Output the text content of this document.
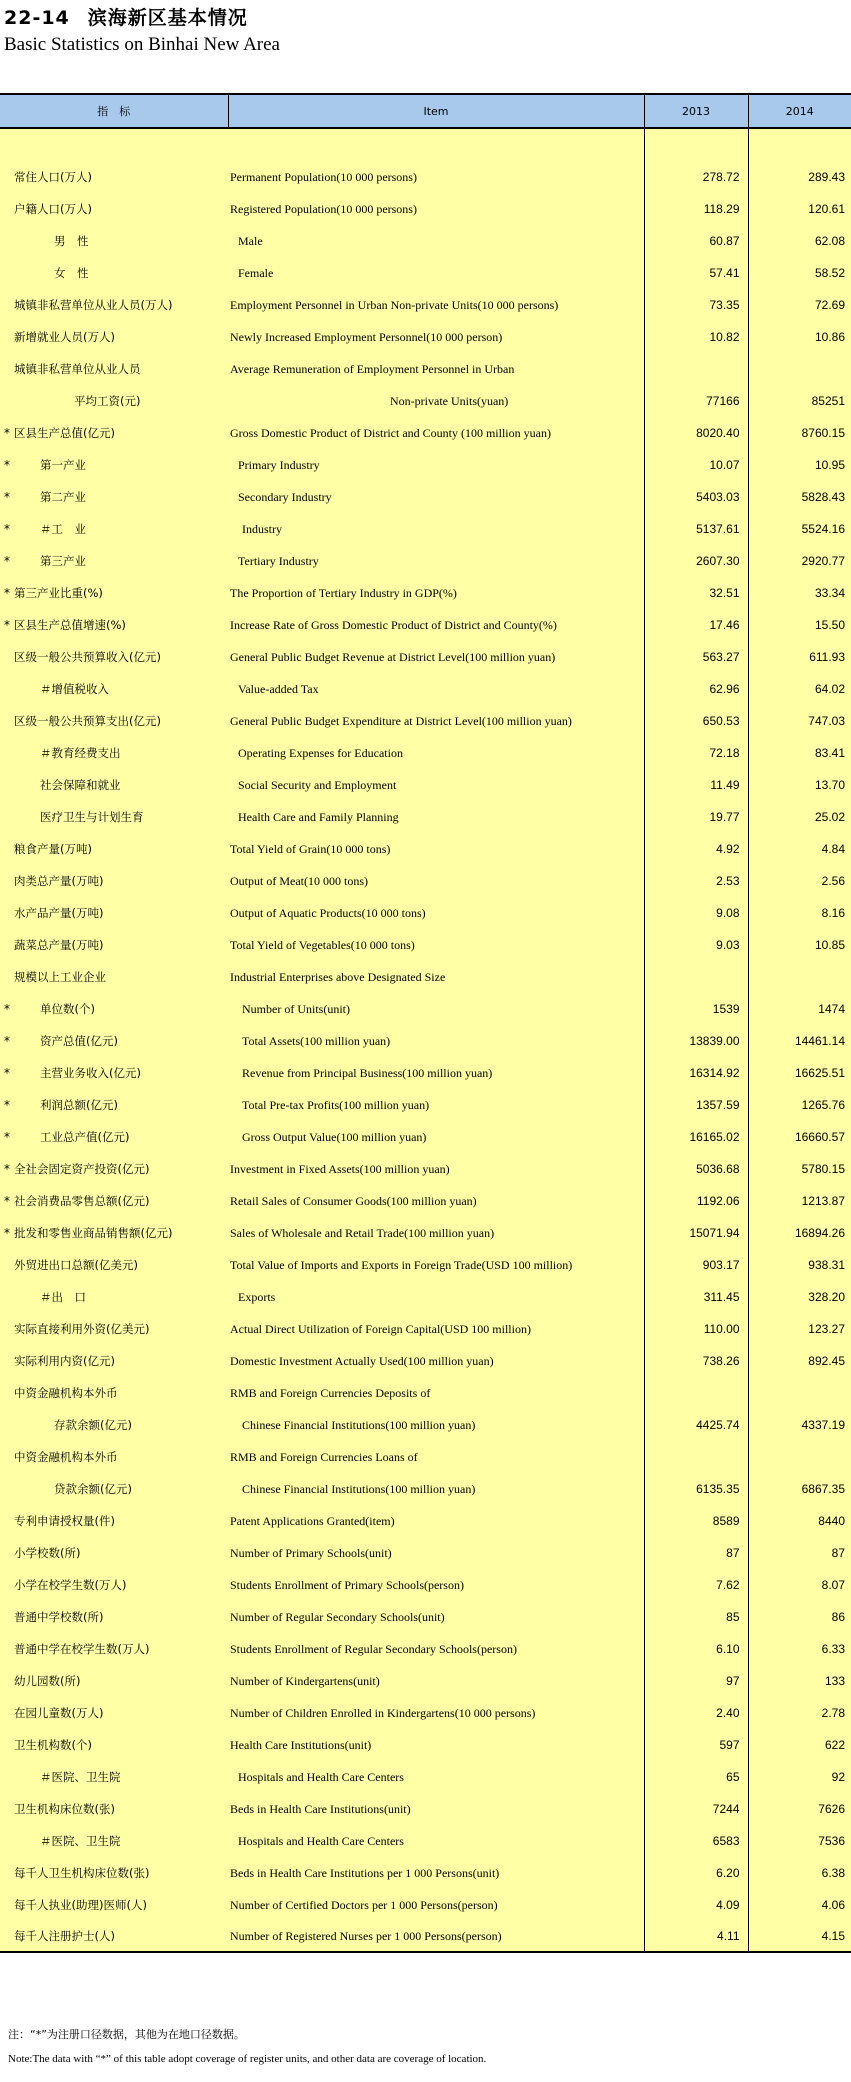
22-14 滨海新区基本情况
Basic Statistics on Binhai New Area
指　标	Item	2013	2014

常住人口(万人)	Permanent Population(10 000 persons)	278.72	289.43
户籍人口(万人)	Registered Population(10 000 persons)	118.29	120.61
男　性	Male	60.87	62.08
女　性	Female	57.41	58.52
城镇非私营单位从业人员(万人)	Employment Personnel in Urban Non-private Units(10 000 persons)	73.35	72.69
新增就业人员(万人)	Newly Increased Employment Personnel(10 000 person)	10.82	10.86
城镇非私营单位从业人员	Average Remuneration of Employment Personnel in Urban		
平均工资(元)	Non-private Units(yuan)	77166	85251
* 区县生产总值(亿元)	Gross Domestic Product of District and County (100 million yuan)	8020.40	8760.15
* 第一产业	Primary Industry	10.07	10.95
* 第二产业	Secondary Industry	5403.03	5828.43
* ＃工　业	Industry	5137.61	5524.16
* 第三产业	Tertiary Industry	2607.30	2920.77
* 第三产业比重(%)	The Proportion of Tertiary Industry in GDP(%)	32.51	33.34
* 区县生产总值增速(%)	Increase Rate of Gross Domestic Product of District and County(%)	17.46	15.50
区级一般公共预算收入(亿元)	General Public Budget Revenue at District Level(100 million yuan)	563.27	611.93
＃增值税收入	Value-added Tax	62.96	64.02
区级一般公共预算支出(亿元)	General Public Budget Expenditure at District Level(100 million yuan)	650.53	747.03
＃教育经费支出	Operating Expenses for Education	72.18	83.41
社会保障和就业	Social Security and Employment	11.49	13.70
医疗卫生与计划生育	Health Care and Family Planning	19.77	25.02
粮食产量(万吨)	Total Yield of Grain(10 000 tons)	4.92	4.84
肉类总产量(万吨)	Output of Meat(10 000 tons)	2.53	2.56
水产品产量(万吨)	Output of Aquatic Products(10 000 tons)	9.08	8.16
蔬菜总产量(万吨)	Total Yield of Vegetables(10 000 tons)	9.03	10.85
规模以上工业企业	Industrial Enterprises above Designated Size		
* 单位数(个)	Number of Units(unit)	1539	1474
* 资产总值(亿元)	Total Assets(100 million yuan)	13839.00	14461.14
* 主营业务收入(亿元)	Revenue from Principal Business(100 million yuan)	16314.92	16625.51
* 利润总额(亿元)	Total Pre-tax Profits(100 million yuan)	1357.59	1265.76
* 工业总产值(亿元)	Gross Output Value(100 million yuan)	16165.02	16660.57
* 全社会固定资产投资(亿元)	Investment in Fixed Assets(100 million yuan)	5036.68	5780.15
* 社会消费品零售总额(亿元)	Retail Sales of Consumer Goods(100 million yuan)	1192.06	1213.87
* 批发和零售业商品销售额(亿元)	Sales of Wholesale and Retail Trade(100 million yuan)	15071.94	16894.26
外贸进出口总额(亿美元)	Total Value of Imports and Exports in Foreign Trade(USD 100 million)	903.17	938.31
＃出　口	Exports	311.45	328.20
实际直接利用外资(亿美元)	Actual Direct Utilization of Foreign Capital(USD 100 million)	110.00	123.27
实际利用内资(亿元)	Domestic Investment Actually Used(100 million yuan)	738.26	892.45
中资金融机构本外币	RMB and Foreign Currencies Deposits of		
存款余额(亿元)	Chinese Financial Institutions(100 million yuan)	4425.74	4337.19
中资金融机构本外币	RMB and Foreign Currencies Loans of		
贷款余额(亿元)	Chinese Financial Institutions(100 million yuan)	6135.35	6867.35
专利申请授权量(件)	Patent Applications Granted(item)	8589	8440
小学校数(所)	Number of Primary Schools(unit)	87	87
小学在校学生数(万人)	Students Enrollment of Primary Schools(person)	7.62	8.07
普通中学校数(所)	Number of Regular Secondary Schools(unit)	85	86
普通中学在校学生数(万人)	Students Enrollment of Regular Secondary Schools(person)	6.10	6.33
幼儿园数(所)	Number of Kindergartens(unit)	97	133
在园儿童数(万人)	Number of Children Enrolled in Kindergartens(10 000 persons)	2.40	2.78
卫生机构数(个)	Health Care Institutions(unit)	597	622
＃医院、卫生院	Hospitals and Health Care Centers	65	92
卫生机构床位数(张)	Beds in Health Care Institutions(unit)	7244	7626
＃医院、卫生院	Hospitals and Health Care Centers	6583	7536
每千人卫生机构床位数(张)	Beds in Health Care Institutions per 1 000 Persons(unit)	6.20	6.38
每千人执业(助理)医师(人)	Number of Certified Doctors per 1 000 Persons(person)	4.09	4.06
每千人注册护士(人)	Number of Registered Nurses per 1 000 Persons(person)	4.11	4.15
注：“*”为注册口径数据，其他为在地口径数据。
Note:The data with “*” of this table adopt coverage of register units, and other data are coverage of location.
